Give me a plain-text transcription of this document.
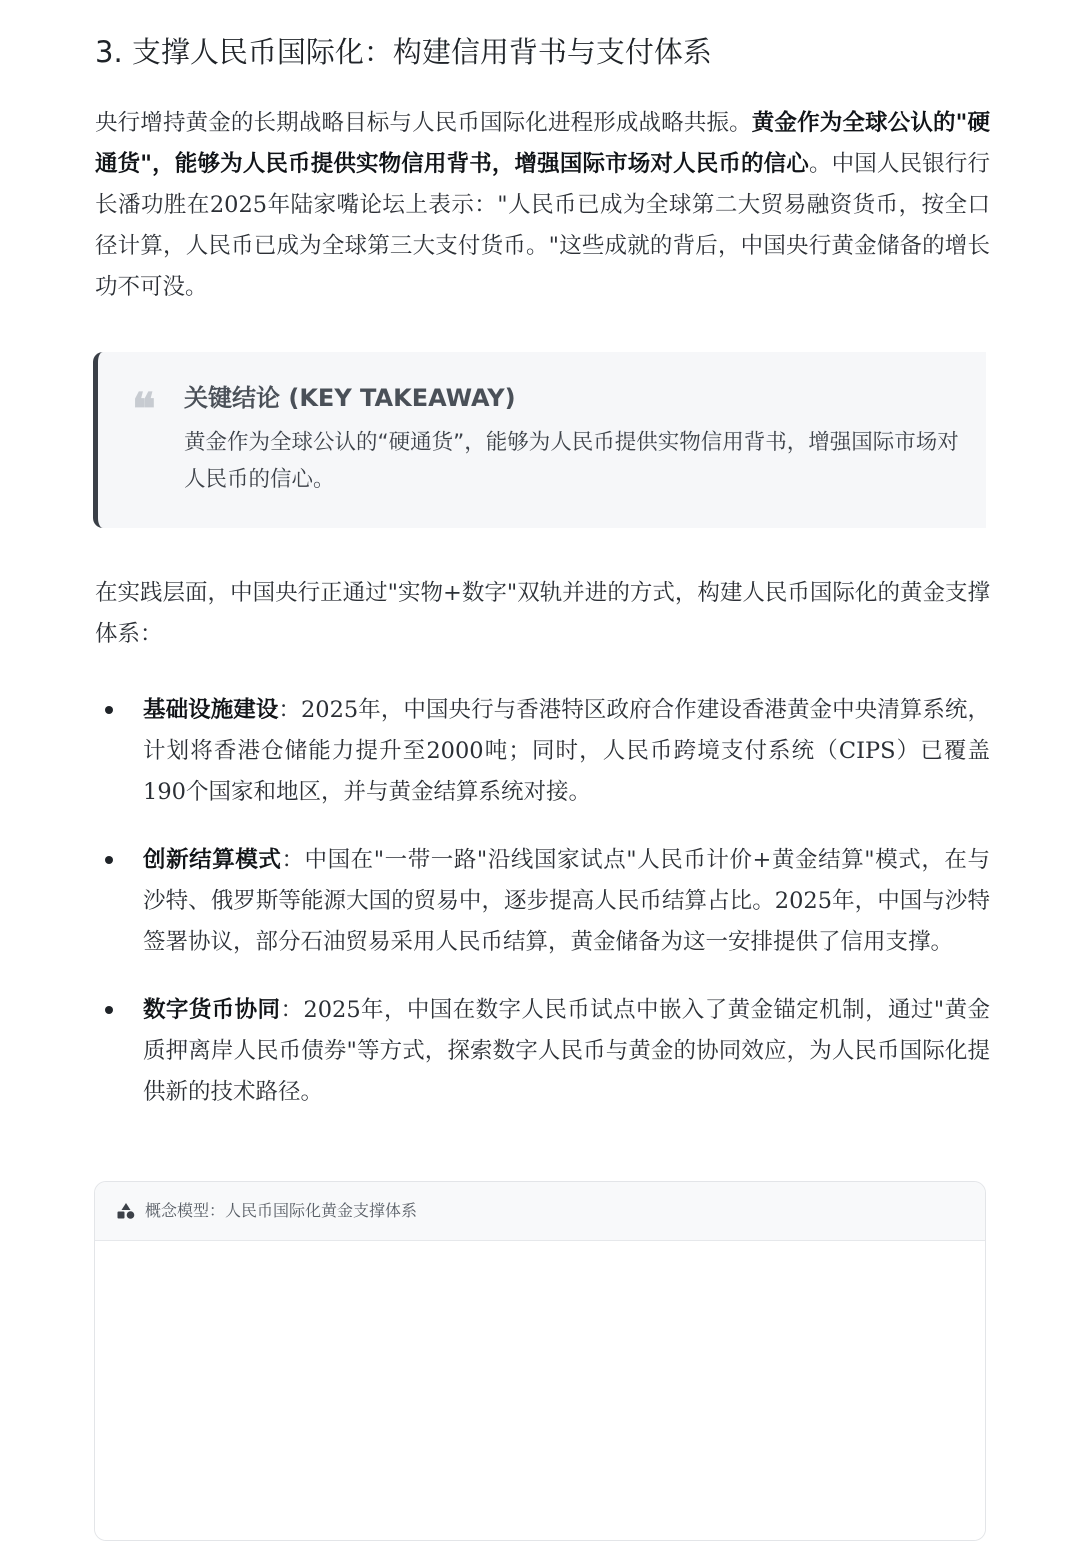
3. 支撑人民币国际化：构建信用背书与支付体系

央行增持黄金的长期战略目标与人民币国际化进程形成战略共振。黄金作为全球公认的"硬通货"，能够为人民币提供实物信用背书，增强国际市场对人民币的信心。中国人民银行行长潘功胜在2025年陆家嘴论坛上表示："人民币已成为全球第二大贸易融资货币，按全口径计算，人民币已成为全球第三大支付货币。"这些成就的背后，中国央行黄金储备的增长功不可没。

❝ 关键结论 (KEY TAKEAWAY)
黄金作为全球公认的“硬通货”，能够为人民币提供实物信用背书，增强国际市场对人民币的信心。

在实践层面，中国央行正通过"实物+数字"双轨并进的方式，构建人民币国际化的黄金支撑体系：

基础设施建设：2025年，中国央行与香港特区政府合作建设香港黄金中央清算系统，计划将香港仓储能力提升至2000吨；同时，人民币跨境支付系统（CIPS）已覆盖190个国家和地区，并与黄金结算系统对接。
创新结算模式：中国在"一带一路"沿线国家试点"人民币计价+黄金结算"模式，在与沙特、俄罗斯等能源大国的贸易中，逐步提高人民币结算占比。2025年，中国与沙特签署协议，部分石油贸易采用人民币结算，黄金储备为这一安排提供了信用支撑。
数字货币协同：2025年，中国在数字人民币试点中嵌入了黄金锚定机制，通过"黄金质押离岸人民币债券"等方式，探索数字人民币与黄金的协同效应，为人民币国际化提供新的技术路径。
概念模型：人民币国际化黄金支撑体系
